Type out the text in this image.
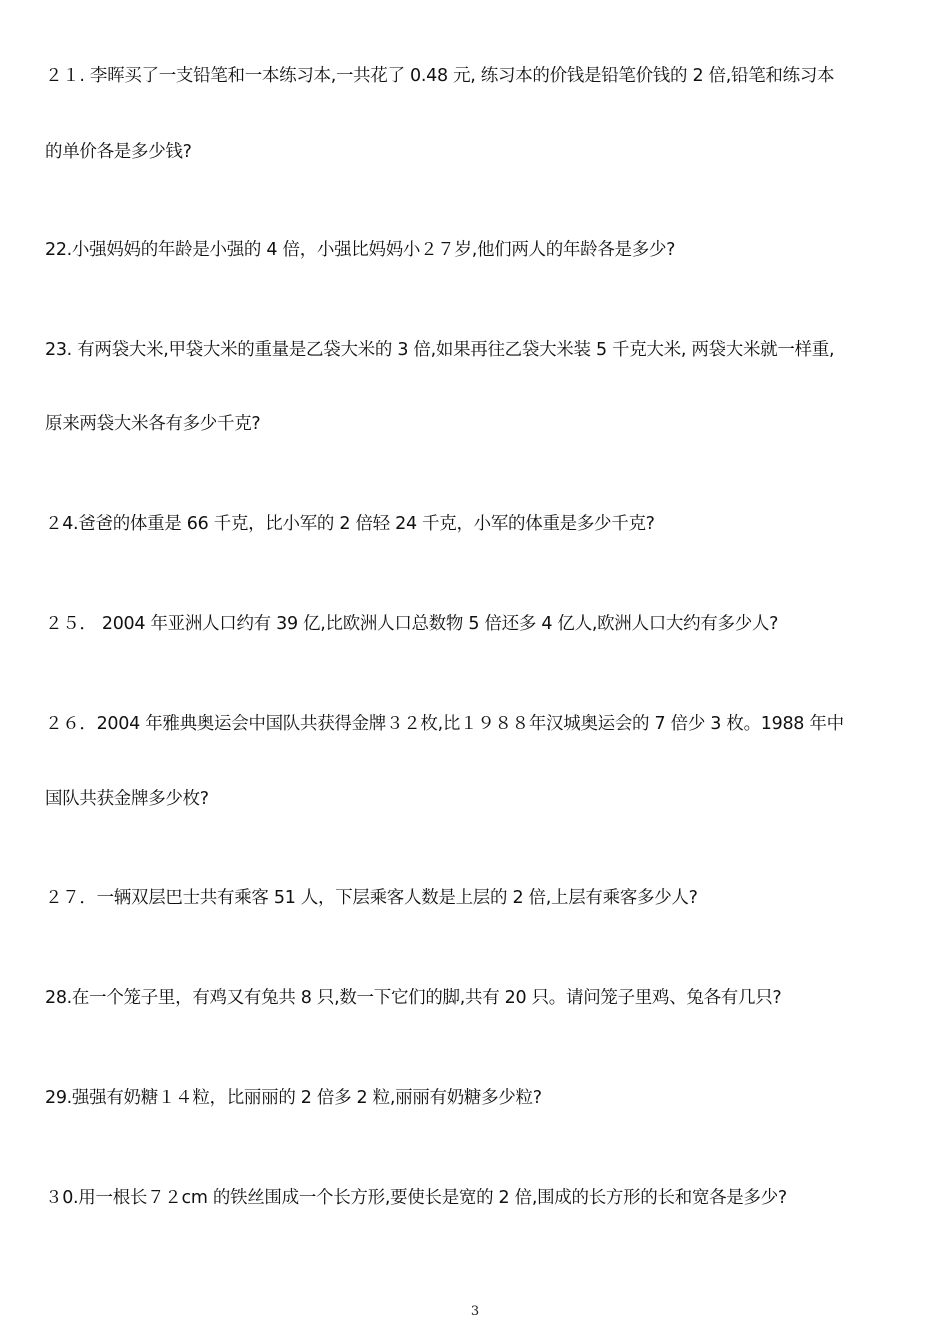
２１. 李晖买了一支铅笔和一本练习本,一共花了 0.48 元, 练习本的价钱是铅笔价钱的 2 倍,铅笔和练习本
的单价各是多少钱?
22.小强妈妈的年龄是小强的 4 倍，小强比妈妈小２７岁,他们两人的年龄各是多少?
23. 有两袋大米,甲袋大米的重量是乙袋大米的 3 倍,如果再往乙袋大米装 5 千克大米, 两袋大米就一样重,
原来两袋大米各有多少千克?
２4.爸爸的体重是 66 千克，比小军的 2 倍轻 24 千克，小军的体重是多少千克?
２５． 2004 年亚洲人口约有 39 亿,比欧洲人口总数物 5 倍还多 4 亿人,欧洲人口大约有多少人?
２６．2004 年雅典奥运会中国队共获得金牌３２枚,比１９８８年汉城奥运会的 7 倍少 3 枚。1988 年中
国队共获金牌多少枚?
２７．一辆双层巴士共有乘客 51 人，下层乘客人数是上层的 2 倍,上层有乘客多少人?
28.在一个笼子里，有鸡又有兔共 8 只,数一下它们的脚,共有 20 只。请问笼子里鸡、兔各有几只?
29.强强有奶糖１４粒，比丽丽的 2 倍多 2 粒,丽丽有奶糖多少粒?
３0.用一根长７２cm 的铁丝围成一个长方形,要使长是宽的 2 倍,围成的长方形的长和宽各是多少?
3
